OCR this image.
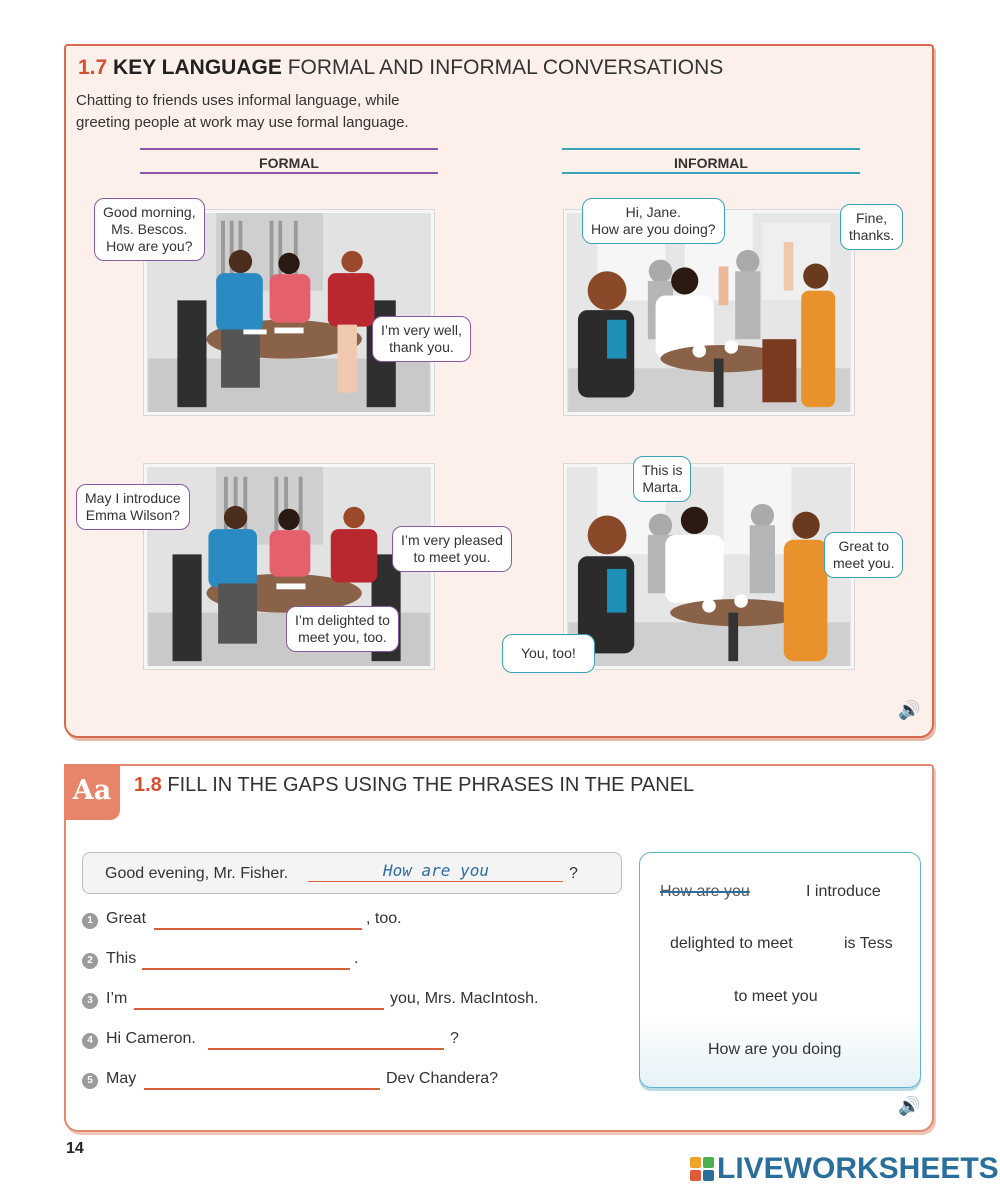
1.7 KEY LANGUAGE FORMAL AND INFORMAL CONVERSATIONS
Chatting to friends uses informal language, while
greeting people at work may use formal language.
FORMAL	INFORMAL
Good morning,
Ms. Bescos.
How are you?
I’m very well,
thank you.
Hi, Jane.
How are you doing?
Fine,
thanks.
May I introduce
Emma Wilson?
I’m very pleased
to meet you.
I’m delighted to
meet you, too.
This is
Marta.
Great to
meet you.
You, too!
🔊
Aa	1.8 FILL IN THE GAPS USING THE PHRASES IN THE PANEL
Good evening, Mr. Fisher.	How are you	?
1 Great	, too.
2 This	.
3 I’m	you, Mrs. MacIntosh.
4 Hi Cameron.	?
5 May	Dev Chandera?
How are you	I introduce
delighted to meet	is Tess
to meet you
How are you doing
🔊
14
LIVEWORKSHEETS
